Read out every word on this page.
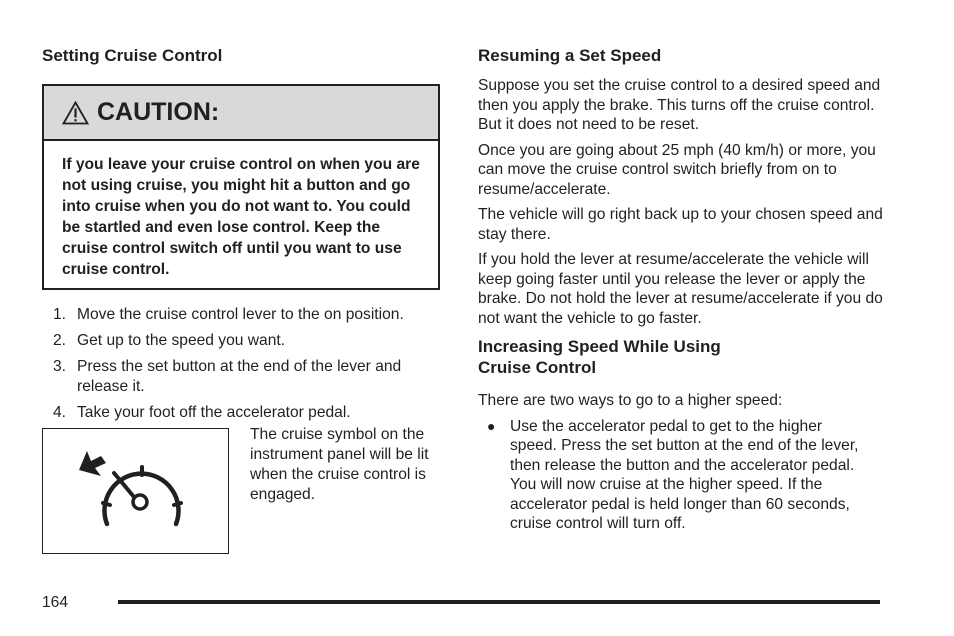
Setting Cruise Control
CAUTION:
If you leave your cruise control on when you are not using cruise, you might hit a button and go into cruise when you do not want to. You could be startled and even lose control. Keep the cruise control switch off until you want to use cruise control.
1. Move the cruise control lever to the on position.
2. Get up to the speed you want.
3. Press the set button at the end of the lever and release it.
4. Take your foot off the accelerator pedal.
The cruise symbol on the instrument panel will be lit when the cruise control is engaged.
Resuming a Set Speed

Suppose you set the cruise control to a desired speed and then you apply the brake. This turns off the cruise control. But it does not need to be reset.

Once you are going about 25 mph (40 km/h) or more, you can move the cruise control switch briefly from on to resume/accelerate.

The vehicle will go right back up to your chosen speed and stay there.

If you hold the lever at resume/accelerate the vehicle will keep going faster until you release the lever or apply the brake. Do not hold the lever at resume/accelerate if you do not want the vehicle to go faster.

Increasing Speed While Using Cruise Control

There are two ways to go to a higher speed:

● Use the accelerator pedal to get to the higher speed. Press the set button at the end of the lever, then release the button and the accelerator pedal. You will now cruise at the higher speed. If the accelerator pedal is held longer than 60 seconds, cruise control will turn off.
164
